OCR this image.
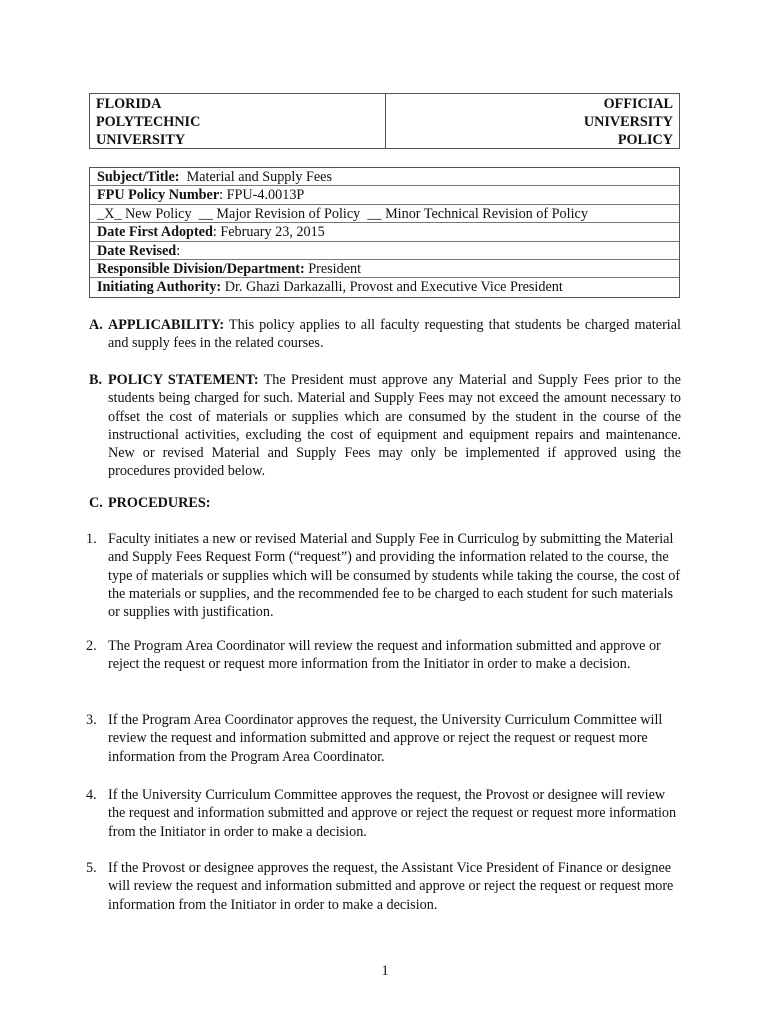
FLORIDA
POLYTECHNIC
UNIVERSITY
OFFICIAL
UNIVERSITY
POLICY
Subject/Title: Material and Supply Fees
FPU Policy Number: FPU-4.0013P
_X_ New Policy  __ Major Revision of Policy  __ Minor Technical Revision of Policy
Date First Adopted: February 23, 2015
Date Revised:
Responsible Division/Department: President
Initiating Authority: Dr. Ghazi Darkazalli, Provost and Executive Vice President
A. APPLICABILITY: This policy applies to all faculty requesting that students be charged material and supply fees in the related courses.
B. POLICY STATEMENT: The President must approve any Material and Supply Fees prior to the students being charged for such. Material and Supply Fees may not exceed the amount necessary to offset the cost of materials or supplies which are consumed by the student in the course of the instructional activities, excluding the cost of equipment and equipment repairs and maintenance. New or revised Material and Supply Fees may only be implemented if approved using the procedures provided below.
C. PROCEDURES:
1. Faculty initiates a new or revised Material and Supply Fee in Curriculog by submitting the Material and Supply Fees Request Form (“request”) and providing the information related to the course, the type of materials or supplies which will be consumed by students while taking the course, the cost of the materials or supplies, and the recommended fee to be charged to each student for such materials or supplies with justification.
2. The Program Area Coordinator will review the request and information submitted and approve or reject the request or request more information from the Initiator in order to make a decision.
3. If the Program Area Coordinator approves the request, the University Curriculum Committee will review the request and information submitted and approve or reject the request or request more information from the Program Area Coordinator.
4. If the University Curriculum Committee approves the request, the Provost or designee will review the request and information submitted and approve or reject the request or request more information from the Initiator in order to make a decision.
5. If the Provost or designee approves the request, the Assistant Vice President of Finance or designee will review the request and information submitted and approve or reject the request or request more information from the Initiator in order to make a decision.
1
